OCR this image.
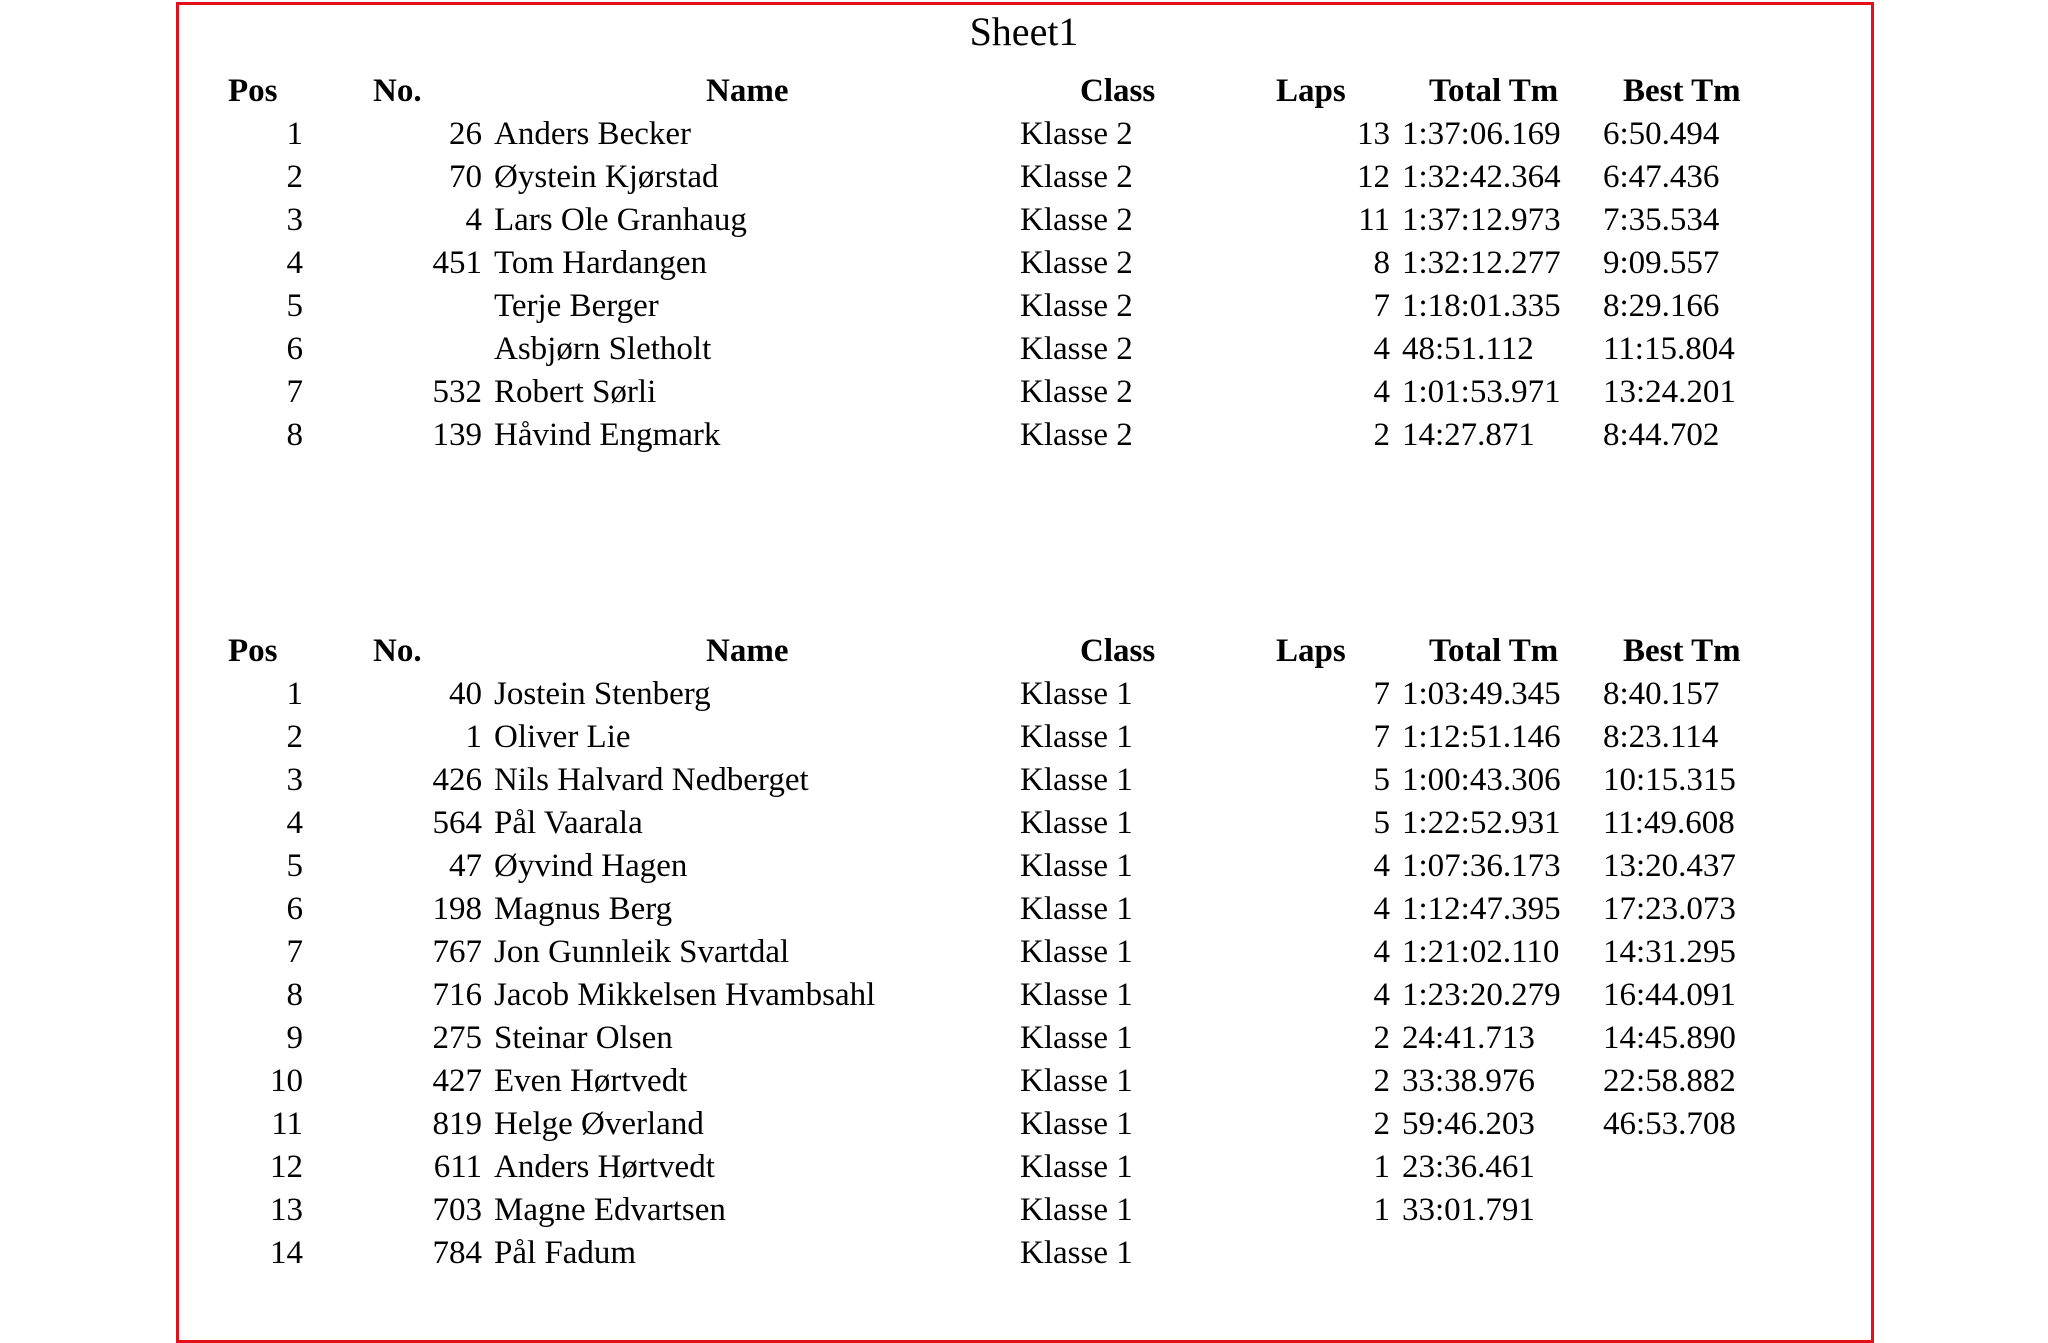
Sheet1
Pos	No.	Name	Class	Laps	Total Tm Best Tm
1	26 Anders Becker	Klasse 2	13 1:37:06.169 6:50.494
2	70 Øystein Kjørstad	Klasse 2	12 1:32:42.364 6:47.436
3	4 Lars Ole Granhaug	Klasse 2	11 1:37:12.973 7:35.534
4	451 Tom Hardangen	Klasse 2	8 1:32:12.277 9:09.557
5	Terje Berger	Klasse 2	7 1:18:01.335 8:29.166
6	Asbjørn Sletholt	Klasse 2	4 48:51.112 11:15.804
7	532 Robert Sørli	Klasse 2	4 1:01:53.971 13:24.201
8	139 Håvind Engmark	Klasse 2	2 14:27.871 8:44.702
Pos	No.	Name	Class	Laps	Total Tm Best Tm
1	40 Jostein Stenberg	Klasse 1	7 1:03:49.345 8:40.157
2	1 Oliver Lie	Klasse 1	7 1:12:51.146 8:23.114
3	426 Nils Halvard Nedberget	Klasse 1	5 1:00:43.306 10:15.315
4	564 Pål Vaarala	Klasse 1	5 1:22:52.931 11:49.608
5	47 Øyvind Hagen	Klasse 1	4 1:07:36.173 13:20.437
6	198 Magnus Berg	Klasse 1	4 1:12:47.395 17:23.073
7	767 Jon Gunnleik Svartdal	Klasse 1	4 1:21:02.110 14:31.295
8	716 Jacob Mikkelsen Hvambsahl	Klasse 1	4 1:23:20.279 16:44.091
9	275 Steinar Olsen	Klasse 1	2 24:41.713 14:45.890
10	427 Even Hørtvedt	Klasse 1	2 33:38.976 22:58.882
11	819 Helge Øverland	Klasse 1	2 59:46.203 46:53.708
12	611 Anders Hørtvedt	Klasse 1	1 23:36.461
13	703 Magne Edvartsen	Klasse 1	1 33:01.791
14	784 Pål Fadum	Klasse 1
